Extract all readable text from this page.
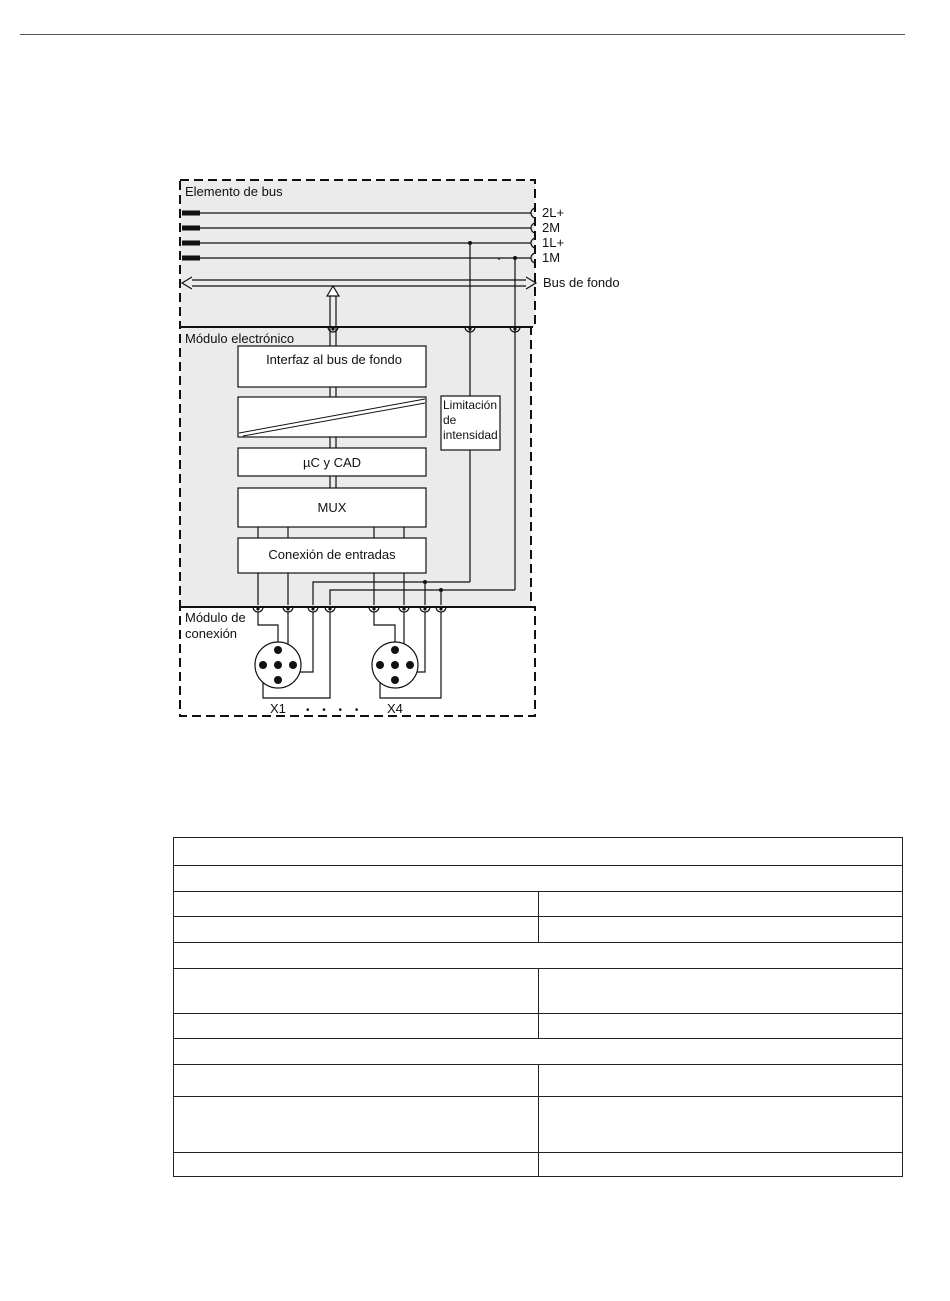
Elemento de bus
Módulo electrónico
Módulo de
conexión
2L+
2M
1L+
1M
Bus de fondo
Interfaz al bus de fondo
µC y CAD
MUX
Conexión de entradas
Limitación
de
intensidad
X1 • • • • X4
